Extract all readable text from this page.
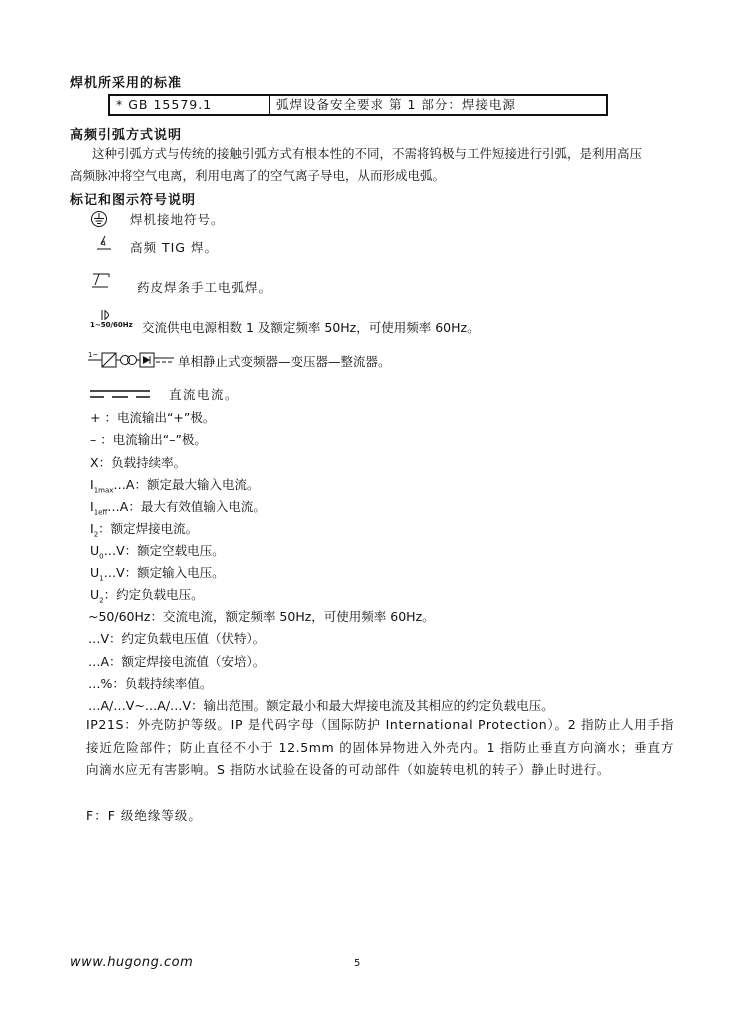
焊机所采用的标准
* GB 15579.1	弧焊设备安全要求 第 1 部分：焊接电源
高频引弧方式说明
这种引弧方式与传统的接触引弧方式有根本性的不同，不需将钨极与工件短接进行引弧，是利用高压
高频脉冲将空气电离，利用电离了的空气离子导电，从而形成电弧。
标记和图示符号说明
焊机接地符号。
高频 TIG 焊。
药皮焊条手工电弧焊。
1~50/60Hz 交流供电电源相数 1 及额定频率 50Hz，可使用频率 60Hz。
1~	单相静止式变频器—变压器—整流器。
直流电流。
+ ：电流输出“+”极。
– ：电流输出“–”极。
X：负载持续率。
$I_{1max}\dots A$：额定最大输入电流。
$I_{1eff}\dots A$：最大有效值输入电流。
$I_2$：额定焊接电流。
$U_0\dots V$：额定空载电压。
$U_1\dots V$：额定输入电压。
$U_2$：约定负载电压。
~50/60Hz：交流电流，额定频率 50Hz，可使用频率 60Hz。
…V：约定负载电压值（伏特）。
…A：额定焊接电流值（安培）。
…%：负载持续率值。
…A/…V~…A/…V：输出范围。额定最小和最大焊接电流及其相应的约定负载电压。
IP21S：外壳防护等级。IP 是代码字母（国际防护 International Protection）。2 指防止人用手指接近危险部件；防止直径不小于 12.5mm 的固体异物进入外壳内。1 指防止垂直方向滴水；垂直方向滴水应无有害影响。S 指防水试验在设备的可动部件（如旋转电机的转子）静止时进行。
F：F 级绝缘等级。
www.hugong.com	5
